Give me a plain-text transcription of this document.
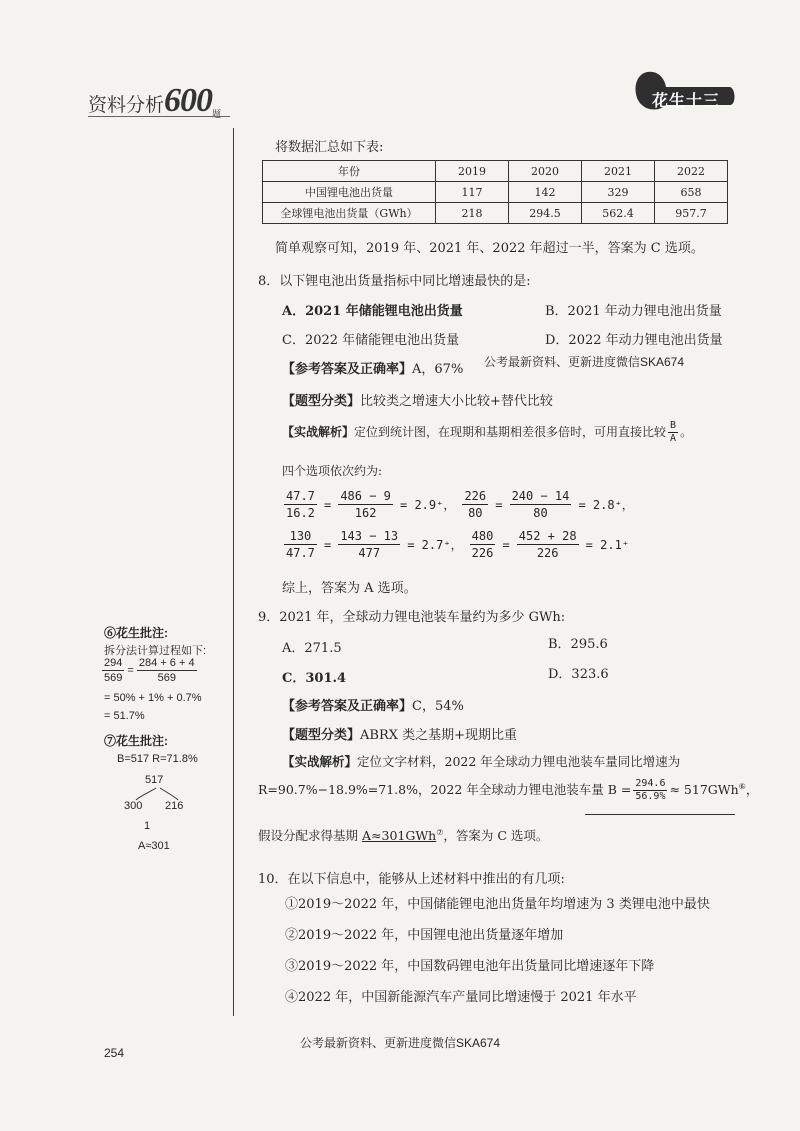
资料分析600题
花生十三
将数据汇总如下表:
年份	2019	2020	2021	2022
中国锂电池出货量	117	142	329	658
全球锂电池出货量（GWh）	218	294.5	562.4	957.7
简单观察可知，2019 年、2021 年、2022 年超过一半，答案为 C 选项。
8．以下锂电池出货量指标中同比增速最快的是:
A．2021 年储能锂电池出货量	B．2021 年动力锂电池出货量
C．2022 年储能锂电池出货量	D．2022 年动力锂电池出货量
【参考答案及正确率】A，67% 公考最新资料、更新进度微信SKA674
【题型分类】比较类之增速大小比较+替代比较
【实战解析】定位到统计图，在现期和基期相差很多倍时，可用直接比较 $\frac{B}{A}$ 。
四个选项依次约为:
$\frac{47.7}{16.2} = \frac{486 - 9}{162} = 2.9^+$， $\frac{226}{80} = \frac{240 - 14}{80} = 2.8^+$，
$\frac{130}{47.7} = \frac{143 - 13}{477} = 2.7^+$， $\frac{480}{226} = \frac{452 + 28}{226} = 2.1^+$
综上，答案为 A 选项。
9．2021 年，全球动力锂电池装车量约为多少 GWh:
A．271.5	B．295.6
C．301.4	D．323.6
【参考答案及正确率】C，54%
【题型分类】ABRX 类之基期+现期比重
【实战解析】定位文字材料，2022 年全球动力锂电池装车量同比增速为
R=90.7%−18.9%=71.8%，2022 年全球动力锂电池装车量 $B = \frac{294.6}{56.9\%} \approx 517GWh^⑥$，
假设分配求得基期 A≈301GWh⑦，答案为 C 选项。
10．在以下信息中，能够从上述材料中推出的有几项:
①2019～2022 年，中国储能锂电池出货量年均增速为 3 类锂电池中最快
②2019～2022 年，中国锂电池出货量逐年增加
③2019～2022 年，中国数码锂电池年出货量同比增速逐年下降
④2022 年，中国新能源汽车产量同比增速慢于 2021 年水平
⑥花生批注:
拆分法计算过程如下:
$\frac{294}{569} = \frac{284 + 6 + 4}{569}$
= 50% + 1% + 0.7%
= 51.7%
⑦花生批注:
B=517 R=71.8%
517
300 216
1
A≈301
254
公考最新资料、更新进度微信SKA674
